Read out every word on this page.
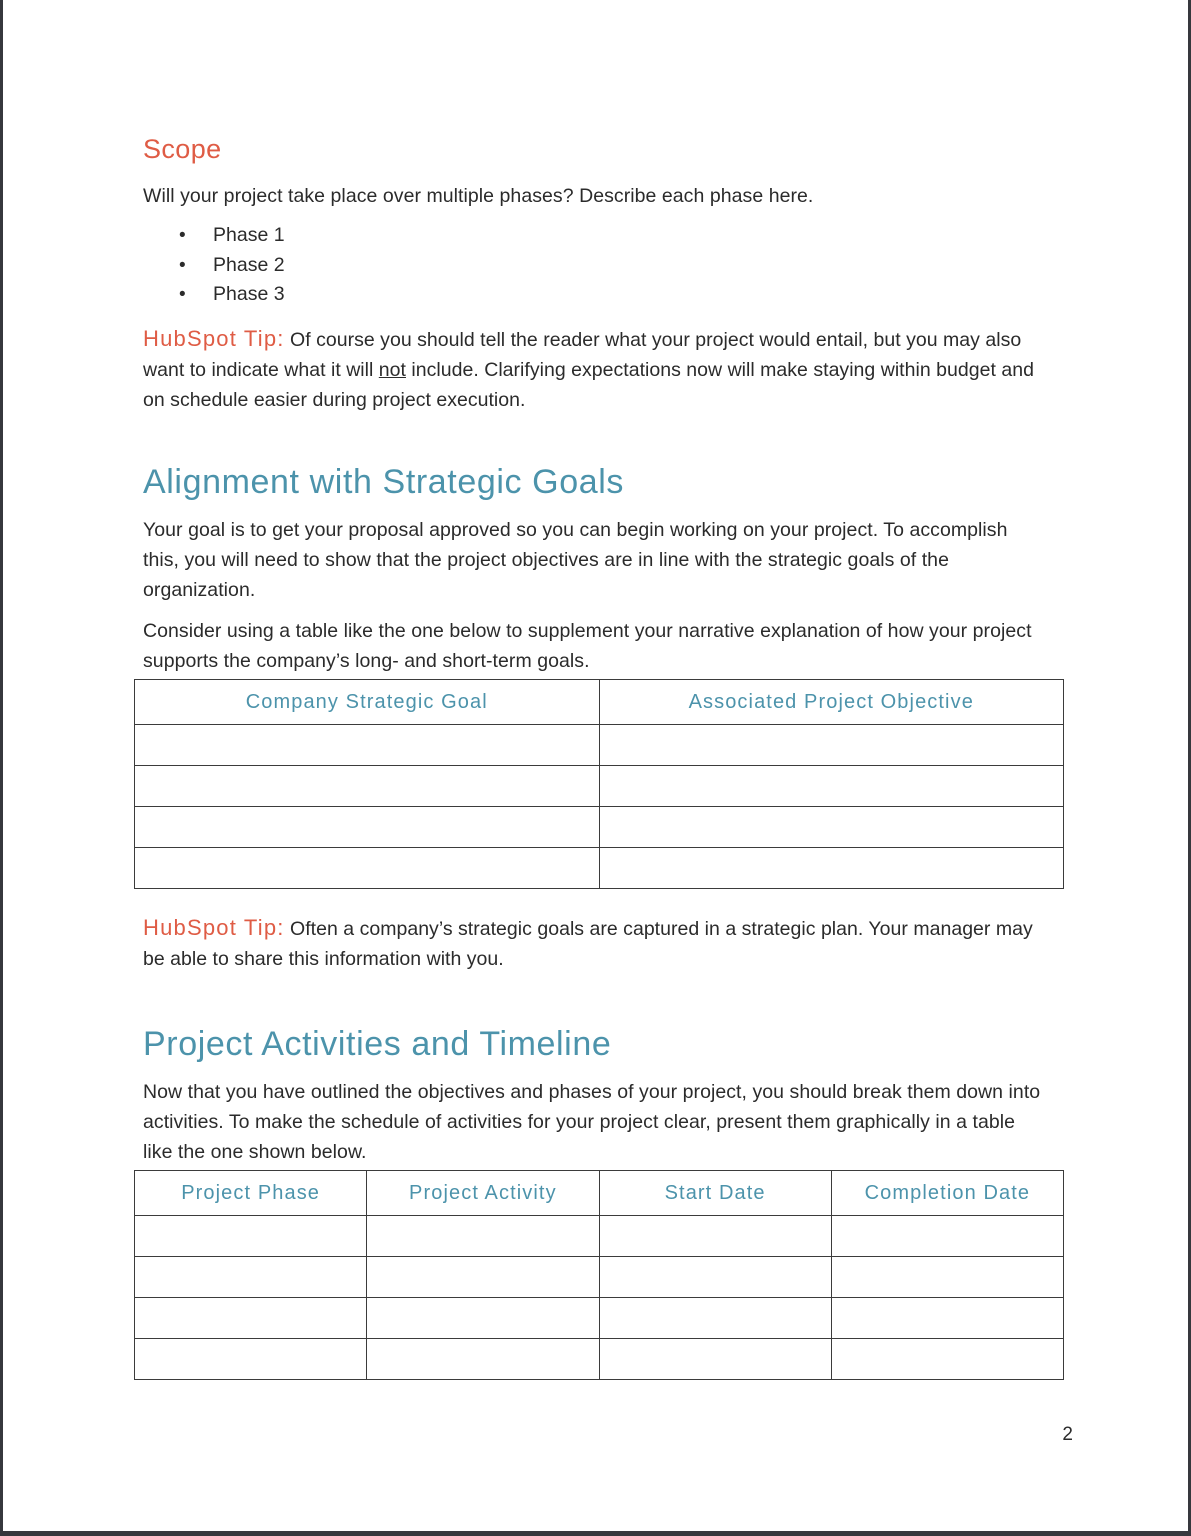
Scope

Will your project take place over multiple phases? Describe each phase here.

• Phase 1
• Phase 2
• Phase 3

HubSpot Tip: Of course you should tell the reader what your project would entail, but you may also want to indicate what it will not include. Clarifying expectations now will make staying within budget and on schedule easier during project execution.

Alignment with Strategic Goals

Your goal is to get your proposal approved so you can begin working on your project. To accomplish this, you will need to show that the project objectives are in line with the strategic goals of the organization.

Consider using a table like the one below to supplement your narrative explanation of how your project supports the company’s long- and short-term goals.

Company Strategic Goal	Associated Project Objective

HubSpot Tip: Often a company’s strategic goals are captured in a strategic plan. Your manager may be able to share this information with you.

Project Activities and Timeline

Now that you have outlined the objectives and phases of your project, you should break them down into activities. To make the schedule of activities for your project clear, present them graphically in a table like the one shown below.

Project Phase	Project Activity	Start Date	Completion Date

2
